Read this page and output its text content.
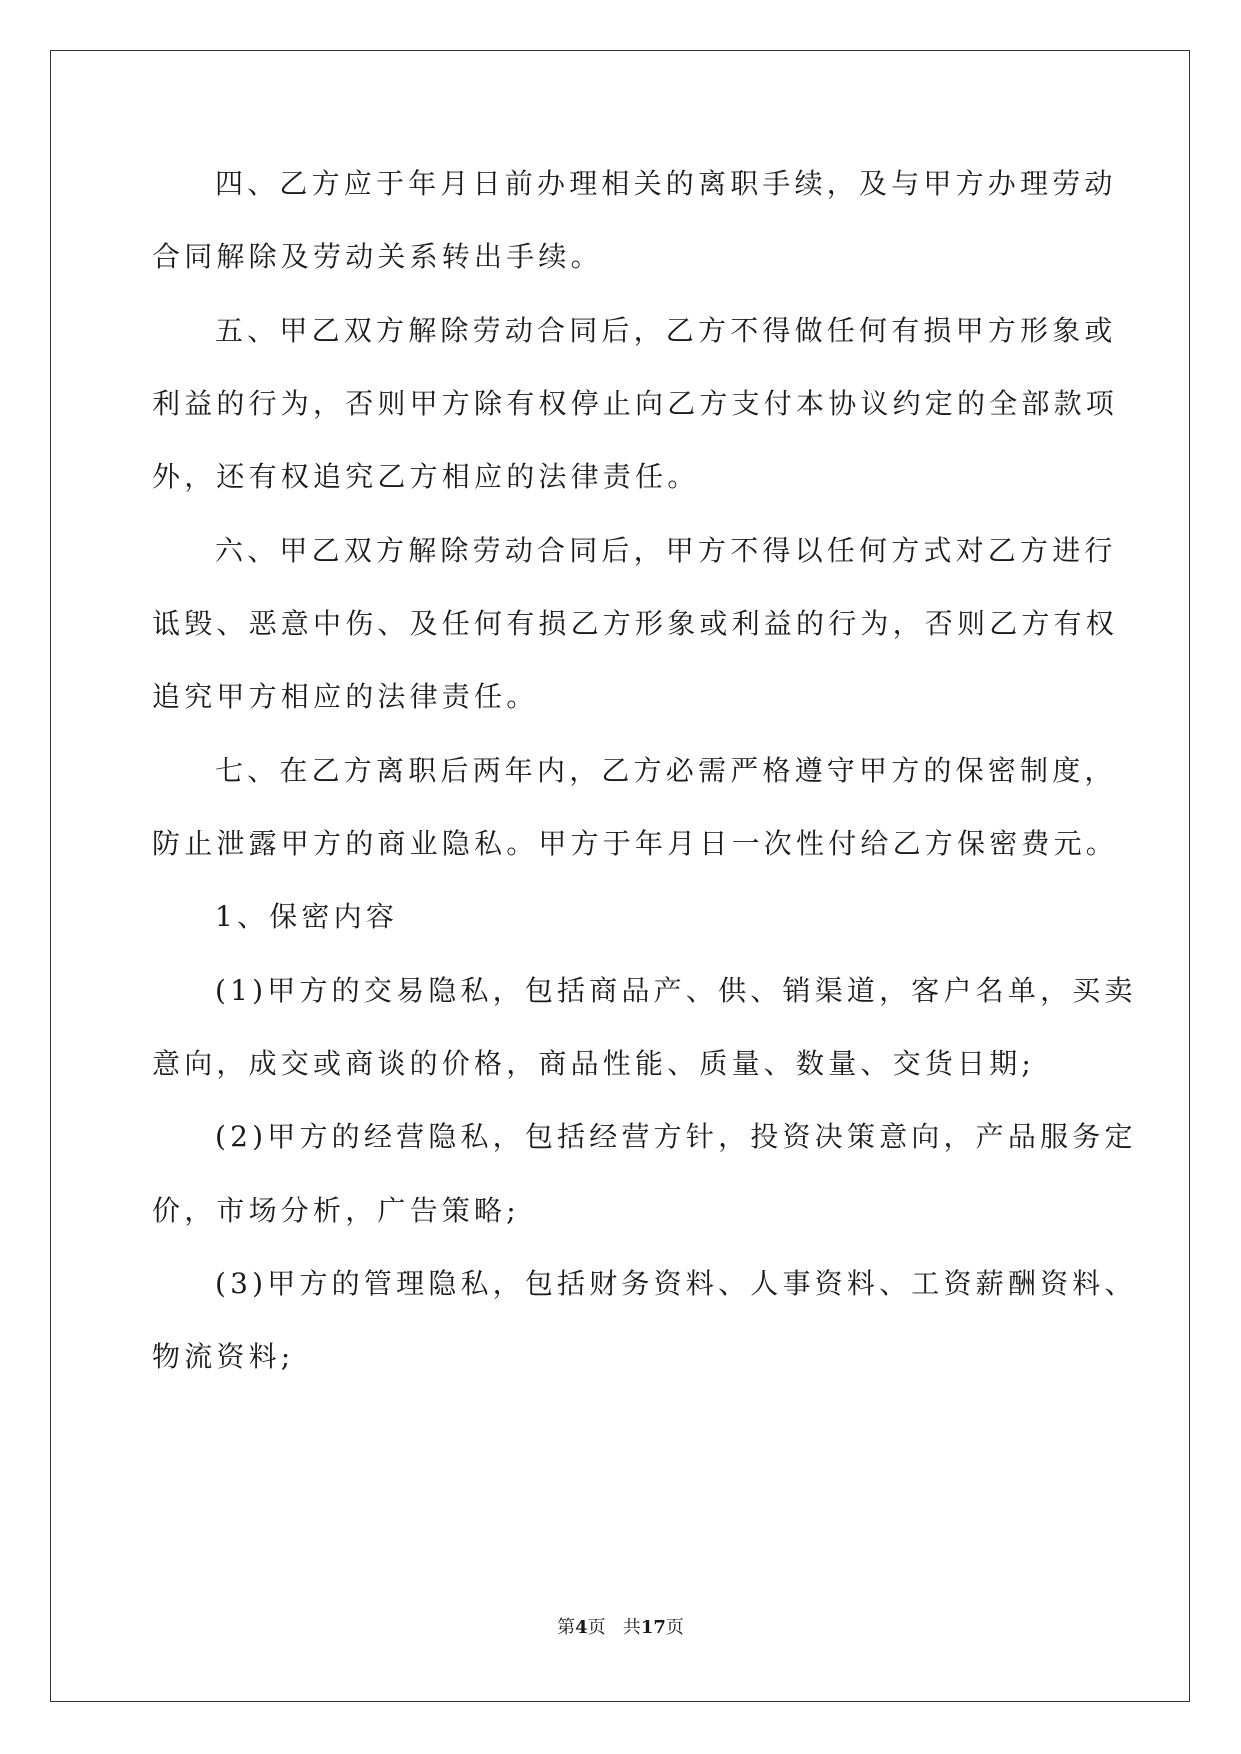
四、乙方应于年月日前办理相关的离职手续，及与甲方办理劳动
合同解除及劳动关系转出手续。
五、甲乙双方解除劳动合同后，乙方不得做任何有损甲方形象或
利益的行为，否则甲方除有权停止向乙方支付本协议约定的全部款项
外，还有权追究乙方相应的法律责任。
六、甲乙双方解除劳动合同后，甲方不得以任何方式对乙方进行
诋毁、恶意中伤、及任何有损乙方形象或利益的行为，否则乙方有权
追究甲方相应的法律责任。
七、在乙方离职后两年内，乙方必需严格遵守甲方的保密制度，
防止泄露甲方的商业隐私。甲方于年月日一次性付给乙方保密费元。
1、保密内容
(1)甲方的交易隐私，包括商品产、供、销渠道，客户名单，买卖
意向，成交或商谈的价格，商品性能、质量、数量、交货日期;
(2)甲方的经营隐私，包括经营方针，投资决策意向，产品服务定
价，市场分析，广告策略;
(3)甲方的管理隐私，包括财务资料、人事资料、工资薪酬资料、
物流资料;
第4页 共17页
